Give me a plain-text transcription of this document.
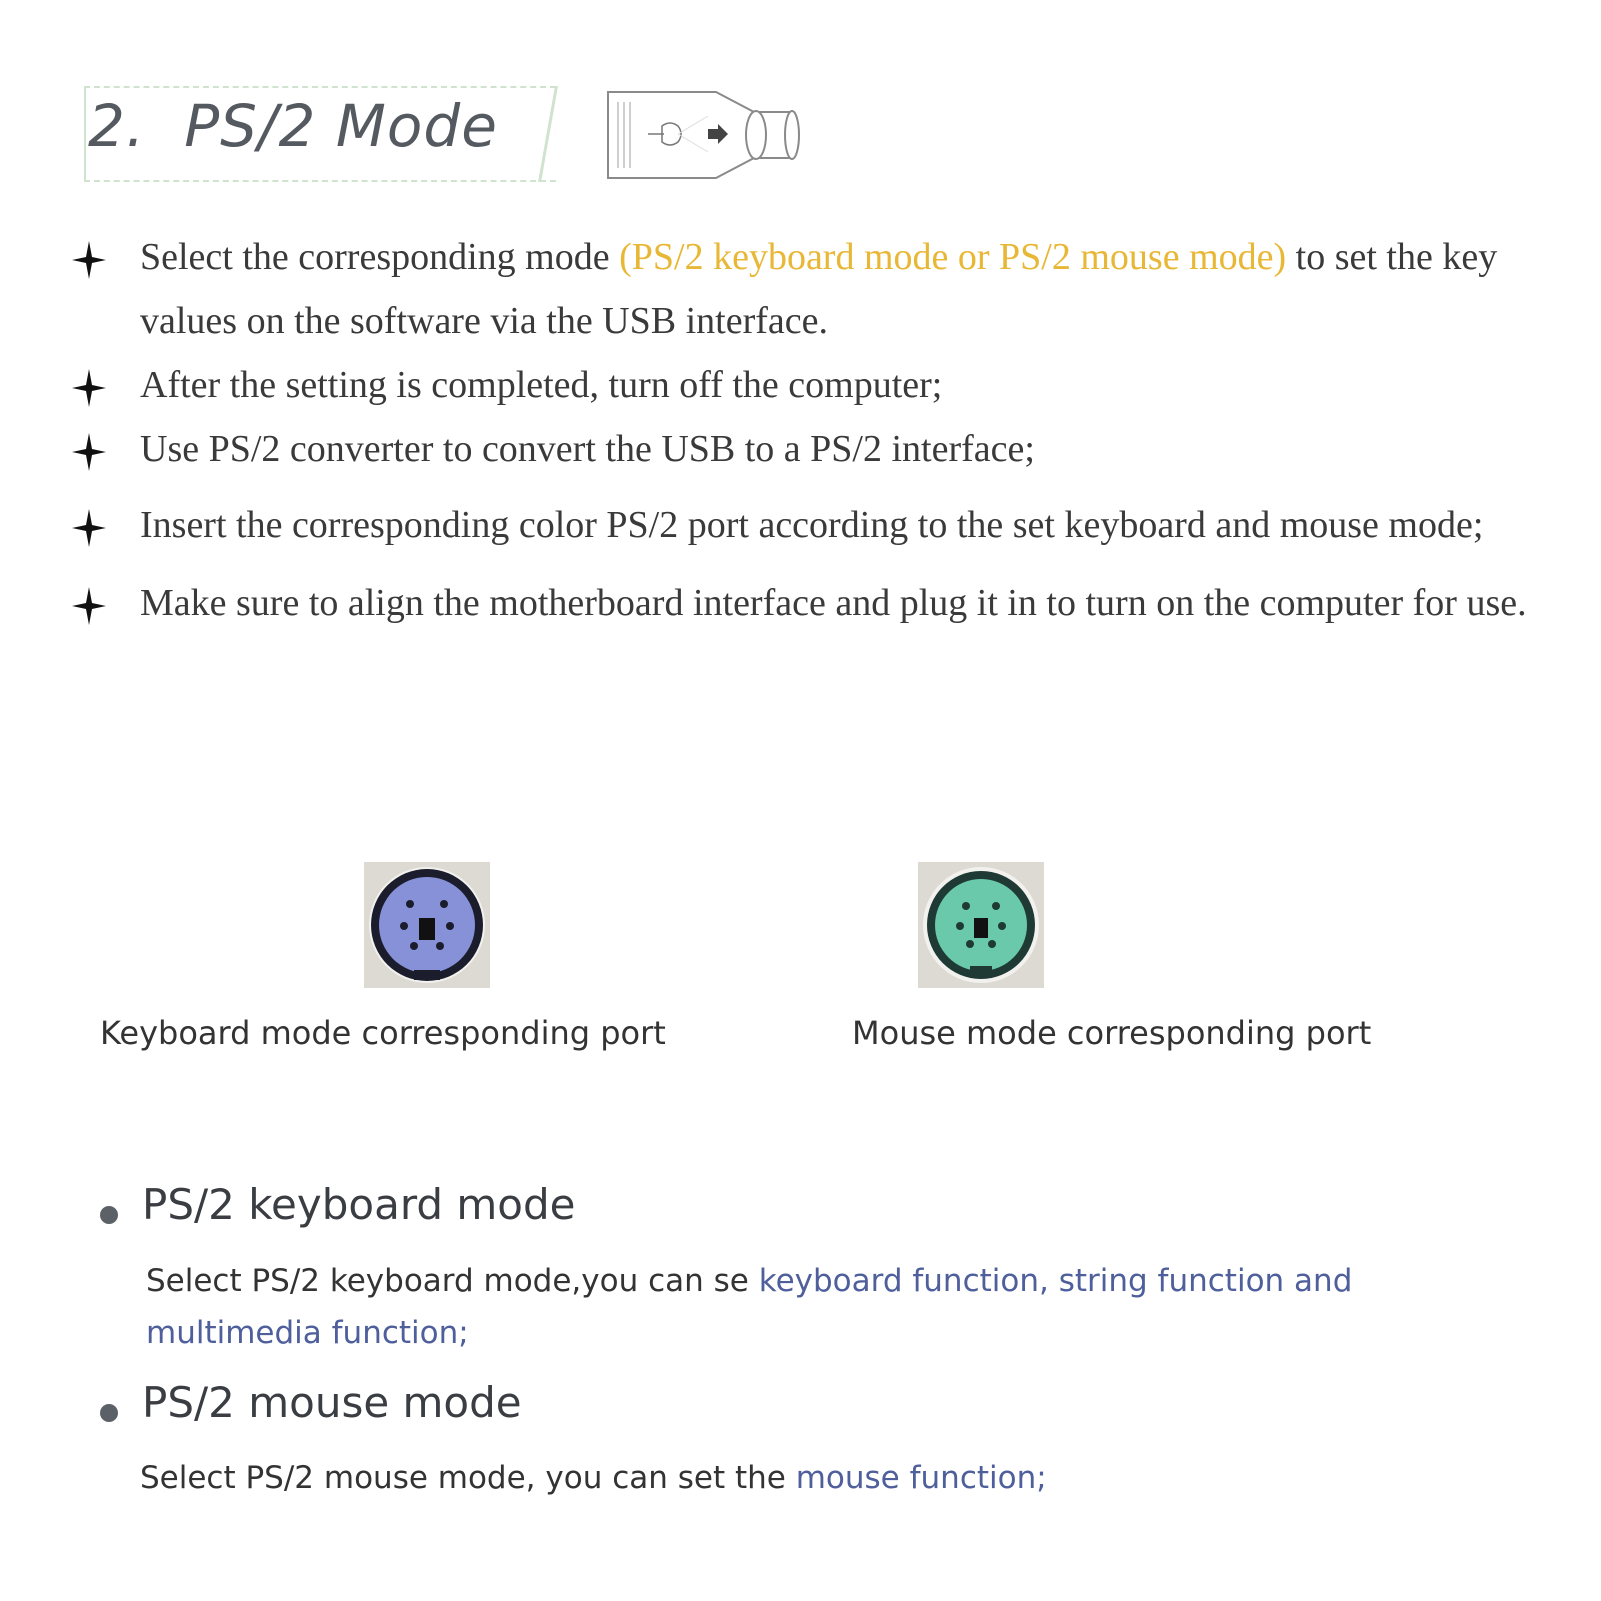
2.  PS/2 Mode
Select the corresponding mode (PS/2 keyboard mode or PS/2 mouse mode) to set the key values on the software via the USB interface.
After the setting is completed, turn off the computer;
Use PS/2 converter to convert the USB to a PS/2 interface;
Insert the corresponding color PS/2 port according to the set keyboard and mouse mode;
Make sure to align the motherboard interface and plug it in to turn on the computer for use.
Keyboard mode corresponding port	Mouse mode corresponding port
PS/2 keyboard mode
Select PS/2 keyboard mode,you can se keyboard function, string function and multimedia function;
PS/2 mouse mode
Select PS/2 mouse mode, you can set the mouse function;
